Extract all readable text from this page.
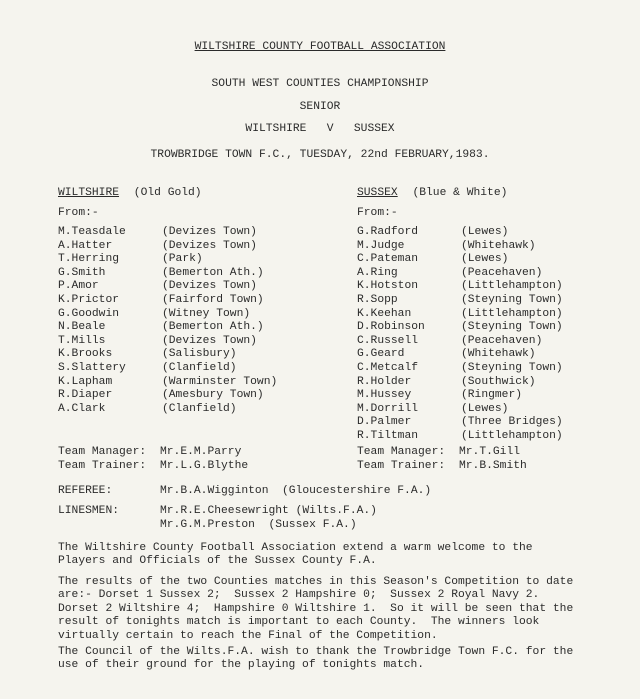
WILTSHIRE COUNTY FOOTBALL ASSOCIATION
SOUTH WEST COUNTIES CHAMPIONSHIP
SENIOR
WILTSHIRE   V   SUSSEX
TROWBRIDGE TOWN F.C., TUESDAY, 22nd FEBRUARY,1983.
WILTSHIRE (Old Gold)
From:-
M.Teasdale	(Devizes Town)
A.Hatter	(Devizes Town)
T.Herring	(Park)
G.Smith	(Bemerton Ath.)
P.Amor	(Devizes Town)
K.Prictor	(Fairford Town)
G.Goodwin	(Witney Town)
N.Beale	(Bemerton Ath.)
T.Mills	(Devizes Town)
K.Brooks	(Salisbury)
S.Slattery	(Clanfield)
K.Lapham	(Warminster Town)
R.Diaper	(Amesbury Town)
A.Clark	(Clanfield)
SUSSEX (Blue & White)
From:-
G.Radford	(Lewes)
M.Judge	(Whitehawk)
C.Pateman	(Lewes)
A.Ring	(Peacehaven)
K.Hotston	(Littlehampton)
R.Sopp	(Steyning Town)
K.Keehan	(Littlehampton)
D.Robinson	(Steyning Town)
C.Russell	(Peacehaven)
G.Geard	(Whitehawk)
C.Metcalf	(Steyning Town)
R.Holder	(Southwick)
M.Hussey	(Ringmer)
M.Dorrill	(Lewes)
D.Palmer	(Three Bridges)
R.Tiltman	(Littlehampton)
Team Manager:	Mr.E.M.Parry
Team Trainer:	Mr.L.G.Blythe
Team Manager:	Mr.T.Gill
Team Trainer:	Mr.B.Smith
REFEREE:	Mr.B.A.Wigginton  (Gloucestershire F.A.)
LINESMEN:	Mr.R.E.Cheesewright (Wilts.F.A.)
Mr.G.M.Preston  (Sussex F.A.)
The Wiltshire County Football Association extend a warm welcome to the
Players and Officials of the Sussex County F.A.
The results of the two Counties matches in this Season's Competition to date
are:- Dorset 1 Sussex 2;  Sussex 2 Hampshire 0;  Sussex 2 Royal Navy 2.
Dorset 2 Wiltshire 4;  Hampshire 0 Wiltshire 1.  So it will be seen that the
result of tonights match is important to each County.  The winners look
virtually certain to reach the Final of the Competition.
The Council of the Wilts.F.A. wish to thank the Trowbridge Town F.C. for the
use of their ground for the playing of tonights match.
